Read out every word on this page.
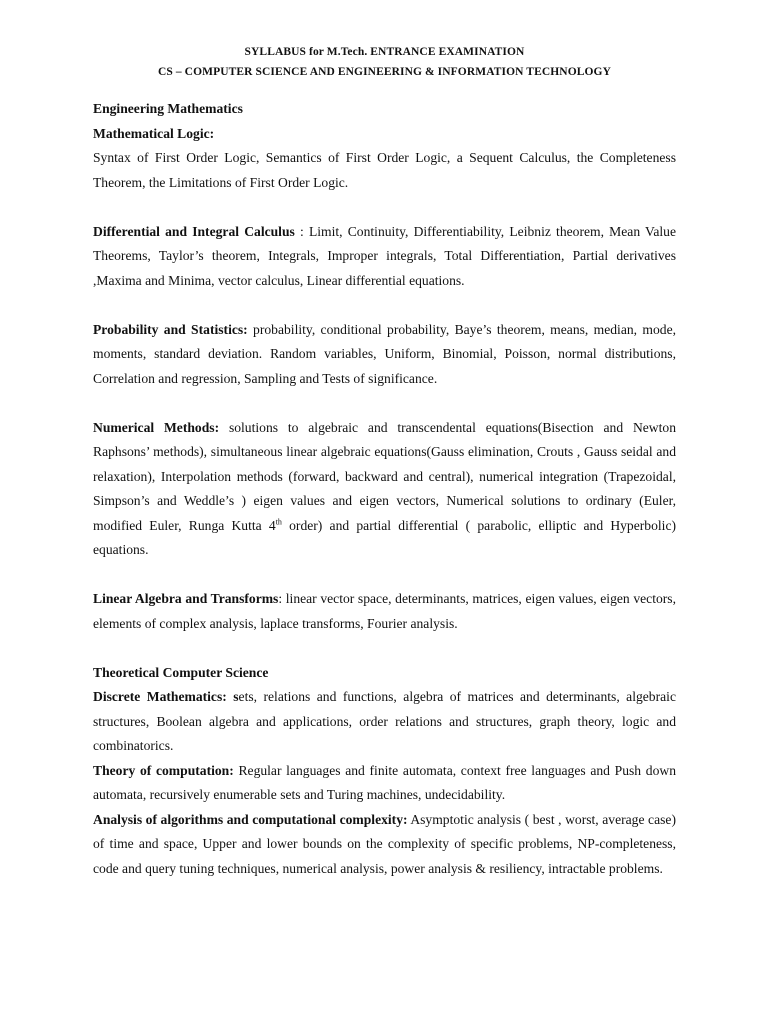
SYLLABUS for M.Tech. ENTRANCE EXAMINATION
CS – COMPUTER SCIENCE AND ENGINEERING & INFORMATION TECHNOLOGY

Engineering Mathematics

Mathematical Logic:

Syntax of First Order Logic, Semantics of First Order Logic, a Sequent Calculus, the Completeness Theorem, the Limitations of First Order Logic.

Differential and Integral Calculus : Limit, Continuity, Differentiability, Leibniz theorem, Mean Value Theorems, Taylor’s theorem, Integrals, Improper integrals, Total Differentiation, Partial derivatives ,Maxima and Minima, vector calculus, Linear differential equations.

Probability and Statistics: probability, conditional probability, Baye’s theorem, means, median, mode, moments, standard deviation. Random variables, Uniform, Binomial, Poisson, normal distributions, Correlation and regression, Sampling and Tests of significance.

Numerical Methods: solutions to algebraic and transcendental equations(Bisection and Newton Raphsons’ methods), simultaneous linear algebraic equations(Gauss elimination, Crouts , Gauss seidal and relaxation), Interpolation methods (forward, backward and central), numerical integration (Trapezoidal, Simpson’s and Weddle’s ) eigen values and eigen vectors, Numerical solutions to ordinary (Euler, modified Euler, Runga Kutta 4th order) and partial differential ( parabolic, elliptic and Hyperbolic) equations.

Linear Algebra and Transforms: linear vector space, determinants, matrices, eigen values, eigen vectors, elements of complex analysis, laplace transforms, Fourier analysis.

Theoretical Computer Science

Discrete Mathematics: sets, relations and functions, algebra of matrices and determinants, algebraic structures, Boolean algebra and applications, order relations and structures, graph theory, logic and combinatorics.

Theory of computation: Regular languages and finite automata, context free languages and Push down automata, recursively enumerable sets and Turing machines, undecidability.

Analysis of algorithms and computational complexity: Asymptotic analysis ( best , worst, average case) of time and space, Upper and lower bounds on the complexity of specific problems, NP-completeness, code and query tuning techniques, numerical analysis, power analysis & resiliency, intractable problems.
